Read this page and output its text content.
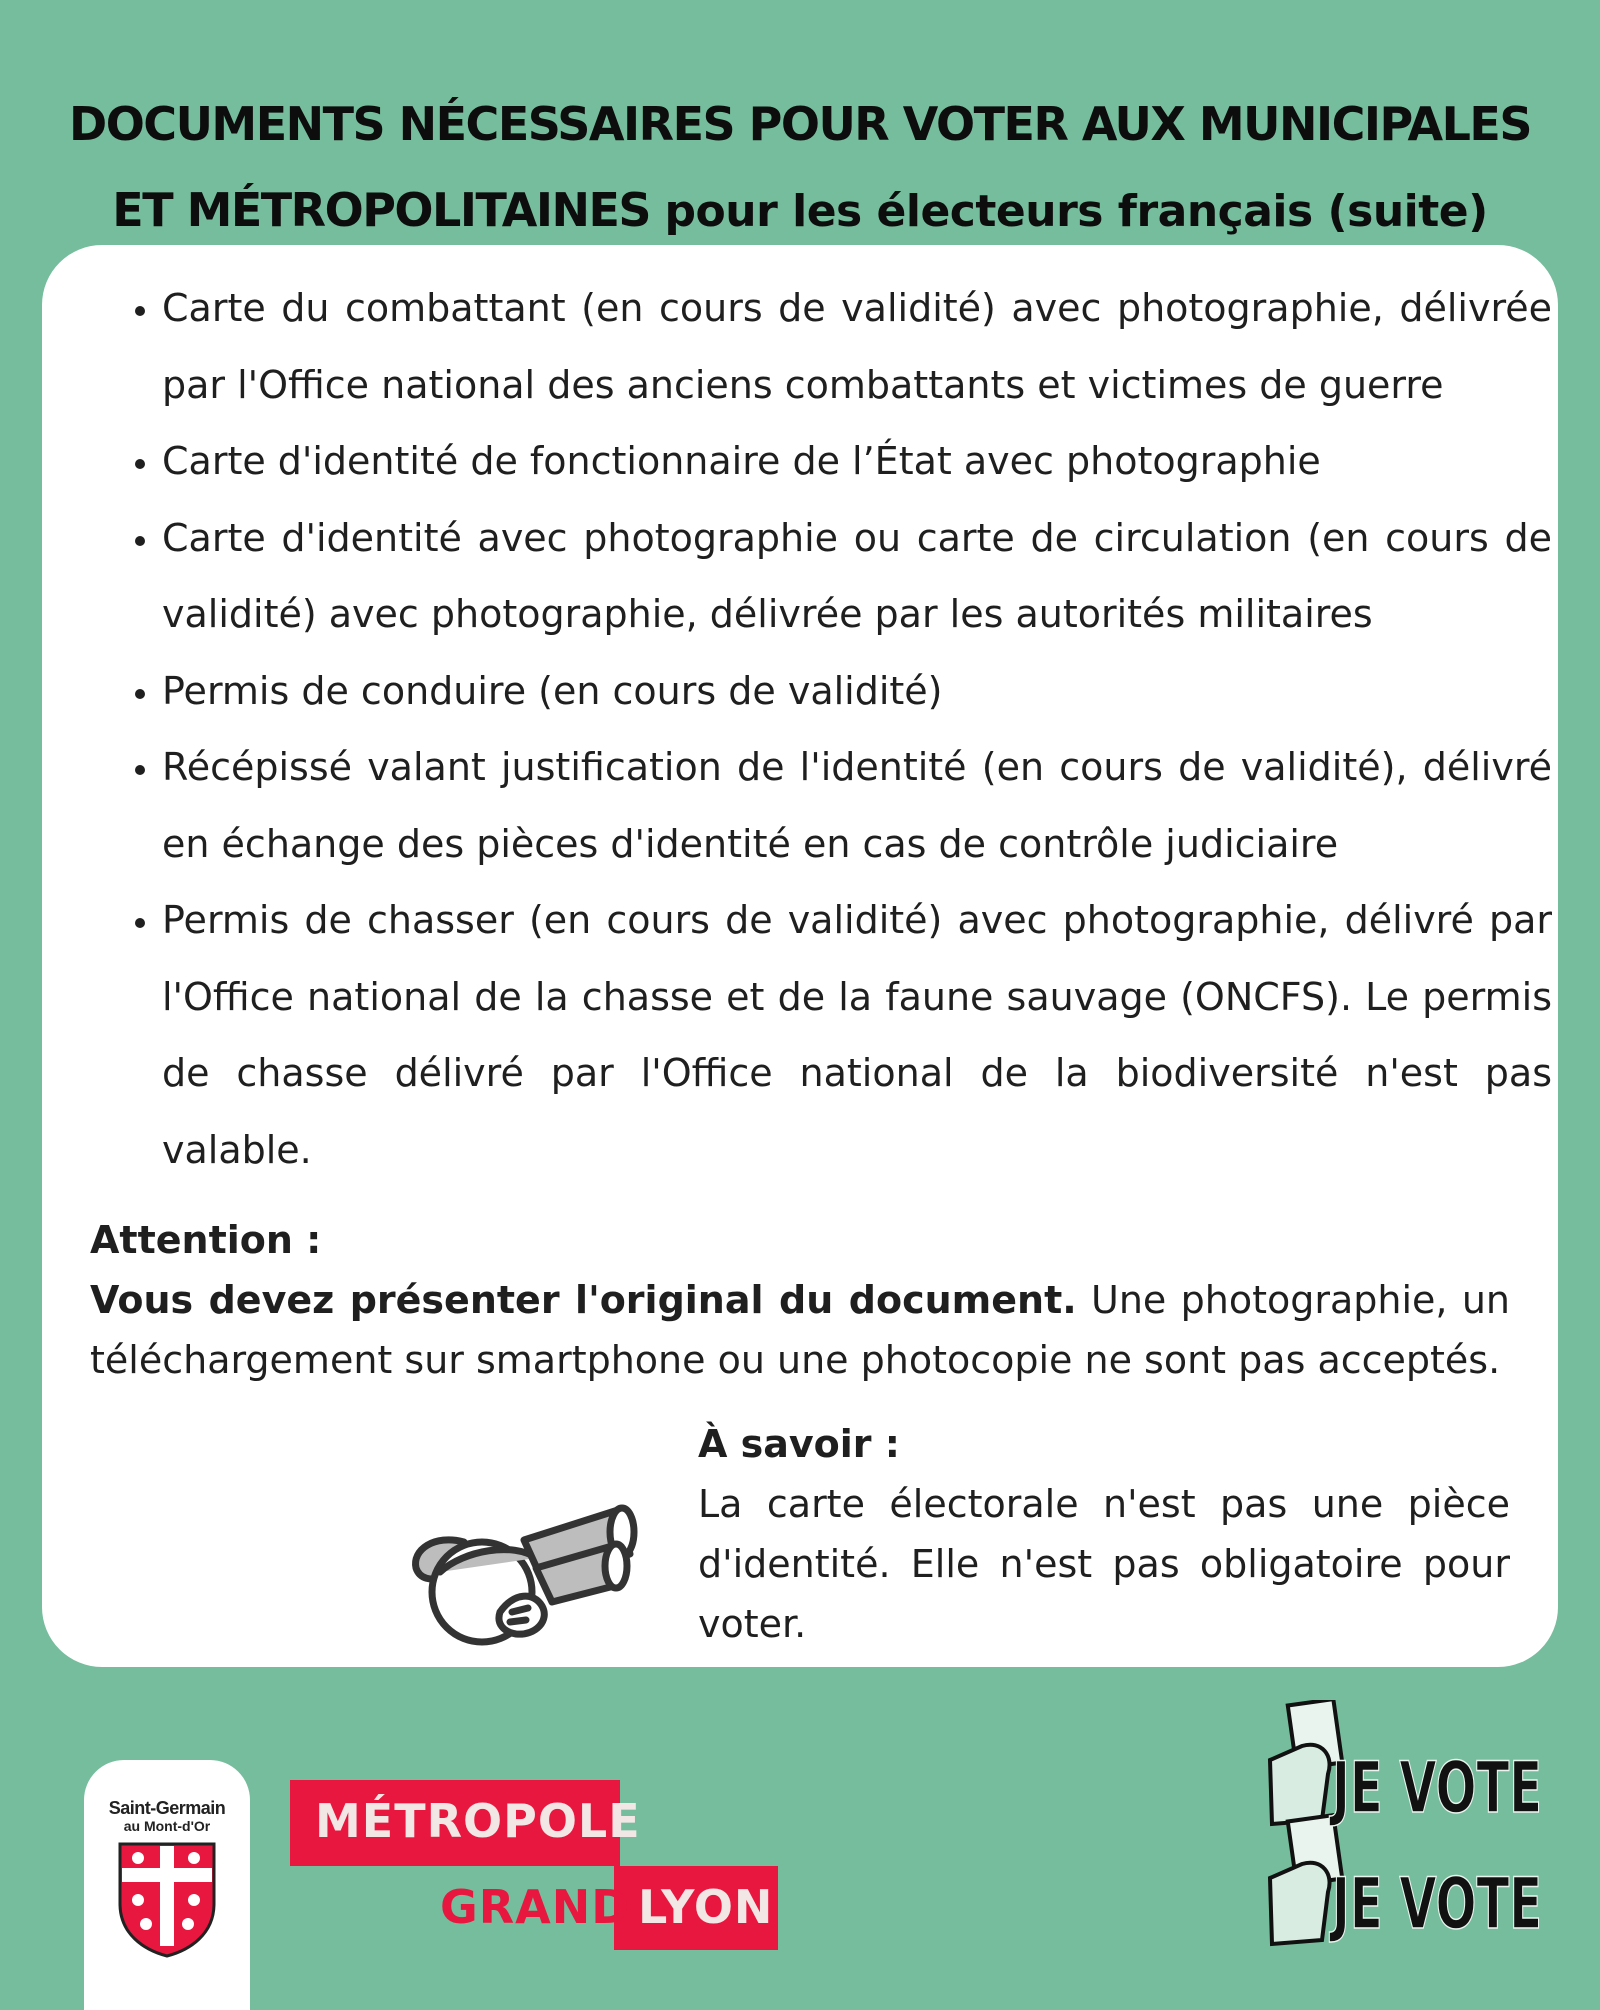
DOCUMENTS NÉCESSAIRES POUR VOTER AUX MUNICIPALES
ET MÉTROPOLITAINES pour les électeurs français (suite)
• Carte du combattant (en cours de validité) avec photographie, délivrée par l'Office national des anciens combattants et victimes de guerre
• Carte d'identité de fonctionnaire de l’État avec photographie
• Carte d'identité avec photographie ou carte de circulation (en cours de validité) avec photographie, délivrée par les autorités militaires
• Permis de conduire (en cours de validité)
• Récépissé valant justification de l'identité (en cours de validité), délivré en échange des pièces d'identité en cas de contrôle judiciaire
• Permis de chasser (en cours de validité) avec photographie, délivré par l'Office national de la chasse et de la faune sauvage (ONCFS). Le permis de chasse délivré par l'Office national de la biodiversité n'est pas valable.
Attention :
Vous devez présenter l'original du document. Une photographie, un téléchargement sur smartphone ou une photocopie ne sont pas acceptés.
À savoir :
La carte électorale n'est pas une pièce d'identité. Elle n'est pas obligatoire pour voter.
Saint-Germain
au Mont-d'Or	MÉTROPOLE
GRAND LYON
JE VOTE
JE VOTE
